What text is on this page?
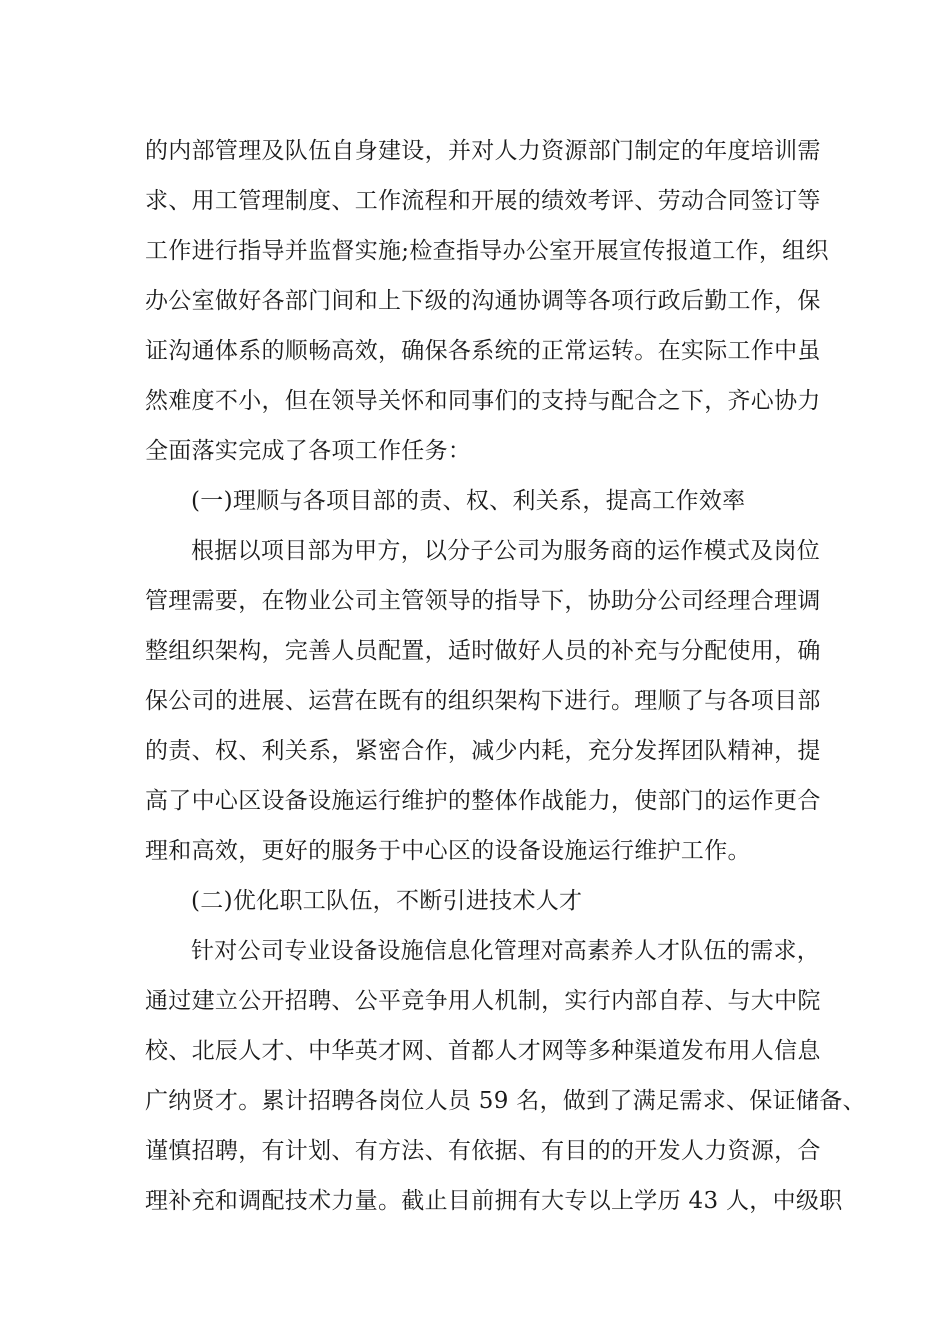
的内部管理及队伍自身建设，并对人力资源部门制定的年度培训需
求、用工管理制度、工作流程和开展的绩效考评、劳动合同签订等
工作进行指导并监督实施;检查指导办公室开展宣传报道工作，组织
办公室做好各部门间和上下级的沟通协调等各项行政后勤工作，保
证沟通体系的顺畅高效，确保各系统的正常运转。在实际工作中虽
然难度不小，但在领导关怀和同事们的支持与配合之下，齐心协力
全面落实完成了各项工作任务：
(一)理顺与各项目部的责、权、利关系，提高工作效率
根据以项目部为甲方，以分子公司为服务商的运作模式及岗位
管理需要，在物业公司主管领导的指导下，协助分公司经理合理调
整组织架构，完善人员配置，适时做好人员的补充与分配使用，确
保公司的进展、运营在既有的组织架构下进行。理顺了与各项目部
的责、权、利关系，紧密合作，减少内耗，充分发挥团队精神，提
高了中心区设备设施运行维护的整体作战能力，使部门的运作更合
理和高效，更好的服务于中心区的设备设施运行维护工作。
(二)优化职工队伍，不断引进技术人才
针对公司专业设备设施信息化管理对高素养人才队伍的需求，
通过建立公开招聘、公平竞争用人机制，实行内部自荐、与大中院
校、北辰人才、中华英才网、首都人才网等多种渠道发布用人信息
广纳贤才。累计招聘各岗位人员 59 名，做到了满足需求、保证储备、
谨慎招聘，有计划、有方法、有依据、有目的的开发人力资源，合
理补充和调配技术力量。截止目前拥有大专以上学历 43 人，中级职
